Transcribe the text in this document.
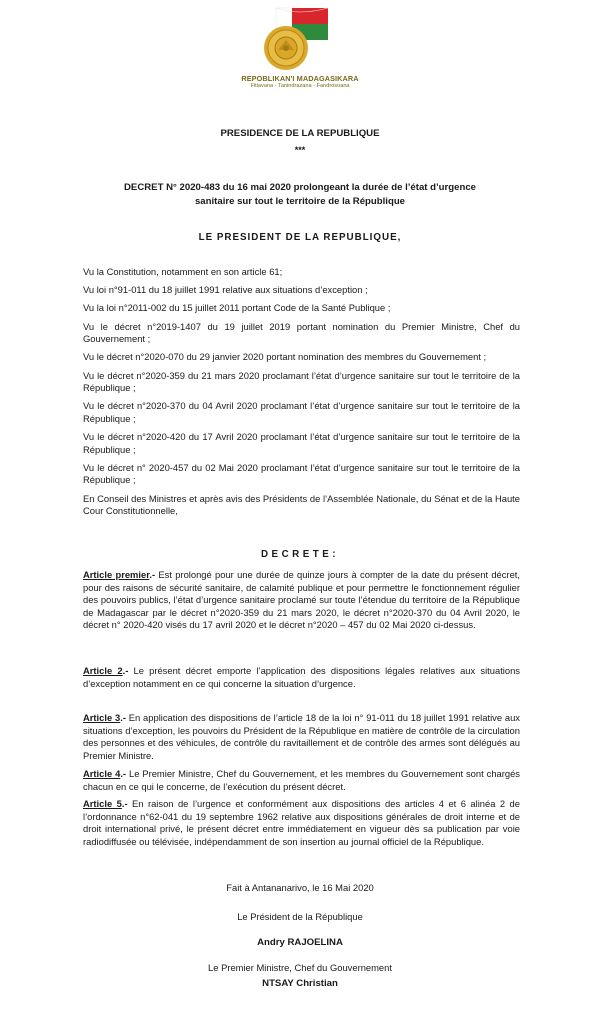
REPOBLIKAN'I MADAGASIKARA
Fitiavana - Tanindrazana - Fandrosoana
PRESIDENCE DE LA REPUBLIQUE
***
DECRET N° 2020-483 du 16 mai 2020 prolongeant la durée de l’état d’urgence
sanitaire sur tout le territoire de la République
LE PRESIDENT DE LA REPUBLIQUE,
Vu la Constitution, notamment en son article 61;
Vu loi n°91-011 du 18 juillet 1991 relative aux situations d’exception ;
Vu la loi n°2011-002 du 15 juillet 2011 portant Code de la Santé Publique ;
Vu le décret n°2019-1407 du 19 juillet 2019 portant nomination du Premier Ministre, Chef du Gouvernement ;
Vu le décret n°2020-070 du 29 janvier 2020 portant nomination des membres du Gouvernement ;
Vu le décret n°2020-359 du 21 mars 2020 proclamant l’état d’urgence sanitaire sur tout le territoire de la République ;
Vu le décret n°2020-370 du 04 Avril 2020 proclamant l’état d’urgence sanitaire sur tout le territoire de la République ;
Vu le décret n°2020-420 du 17 Avril 2020 proclamant l’état d’urgence sanitaire sur tout le territoire de la République ;
Vu le décret n° 2020-457 du 02 Mai 2020 proclamant l’état d’urgence sanitaire sur tout le territoire de la République ;
En Conseil des Ministres et après avis des Présidents de l’Assemblée Nationale, du Sénat et de la Haute Cour Constitutionnelle,
DECRETE:
Article premier.- Est prolongé pour une durée de quinze jours à compter de la date du présent décret, pour des raisons de sécurité sanitaire, de calamité publique et pour permettre le fonctionnement régulier des pouvoirs publics, l’état d’urgence sanitaire proclamé sur toute l’étendue du territoire de la République de Madagascar par le décret n°2020-359 du 21 mars 2020, le décret n°2020-370 du 04 Avril 2020, le décret n° 2020-420 visés du 17 avril 2020 et le décret n°2020 – 457 du 02 Mai 2020 ci-dessus.
Article 2.- Le présent décret emporte l’application des dispositions légales relatives aux situations d’exception notamment en ce qui concerne la situation d’urgence.
Article 3.- En application des dispositions de l’article 18 de la loi n° 91-011 du 18 juillet 1991 relative aux situations d’exception, les pouvoirs du Président de la République en matière de contrôle de la circulation des personnes et des véhicules, de contrôle du ravitaillement et de contrôle des armes sont délégués au Premier Ministre.
Article 4.- Le Premier Ministre, Chef du Gouvernement, et les membres du Gouvernement sont chargés chacun en ce qui le concerne, de l’exécution du présent décret.
Article 5.- En raison de l’urgence et conformément aux dispositions des articles 4 et 6 alinéa 2 de l’ordonnance n°62-041 du 19 septembre 1962 relative aux dispositions générales de droit interne et de droit international privé, le présent décret entre immédiatement en vigueur dès sa publication par voie radiodiffusée ou télévisée, indépendamment de son insertion au journal officiel de la République.
Fait à Antananarivo, le 16 Mai 2020
Le Président de la République
Andry RAJOELINA
Le Premier Ministre, Chef du Gouvernement
NTSAY Christian
